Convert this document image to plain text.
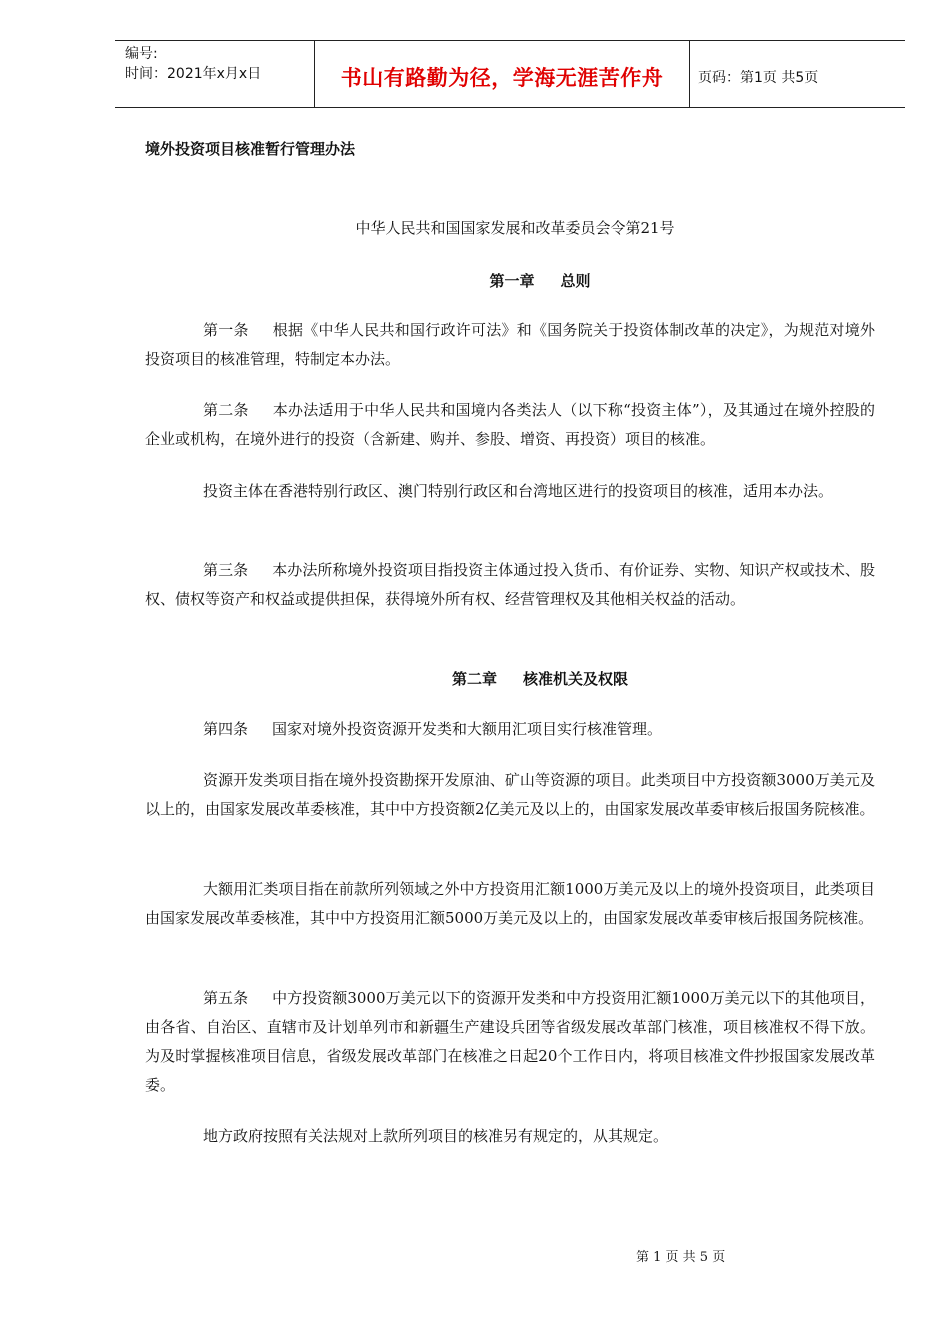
编号:
时间：2021年x月x日	书山有路勤为径，学海无涯苦作舟	页码：第1页 共5页
境外投资项目核准暂行管理办法
中华人民共和国国家发展和改革委员会令第21号
第一章 总则

第一条 根据《中华人民共和国行政许可法》和《国务院关于投资体制改革的决定》，为规范对境外投资项目的核准管理，特制定本办法。

第二条 本办法适用于中华人民共和国境内各类法人（以下称“投资主体”），及其通过在境外控股的企业或机构，在境外进行的投资（含新建、购并、参股、增资、再投资）项目的核准。

投资主体在香港特别行政区、澳门特别行政区和台湾地区进行的投资项目的核准，适用本办法。

第三条 本办法所称境外投资项目指投资主体通过投入货币、有价证券、实物、知识产权或技术、股权、债权等资产和权益或提供担保，获得境外所有权、经营管理权及其他相关权益的活动。

第二章 核准机关及权限

第四条 国家对境外投资资源开发类和大额用汇项目实行核准管理。

资源开发类项目指在境外投资勘探开发原油、矿山等资源的项目。此类项目中方投资额3000万美元及以上的，由国家发展改革委核准，其中中方投资额2亿美元及以上的，由国家发展改革委审核后报国务院核准。

大额用汇类项目指在前款所列领域之外中方投资用汇额1000万美元及以上的境外投资项目，此类项目由国家发展改革委核准，其中中方投资用汇额5000万美元及以上的，由国家发展改革委审核后报国务院核准。

第五条 中方投资额3000万美元以下的资源开发类和中方投资用汇额1000万美元以下的其他项目，由各省、自治区、直辖市及计划单列市和新疆生产建设兵团等省级发展改革部门核准，项目核准权不得下放。为及时掌握核准项目信息，省级发展改革部门在核准之日起20个工作日内，将项目核准文件抄报国家发展改革委。

地方政府按照有关法规对上款所列项目的核准另有规定的，从其规定。

第 1 页 共 5 页
